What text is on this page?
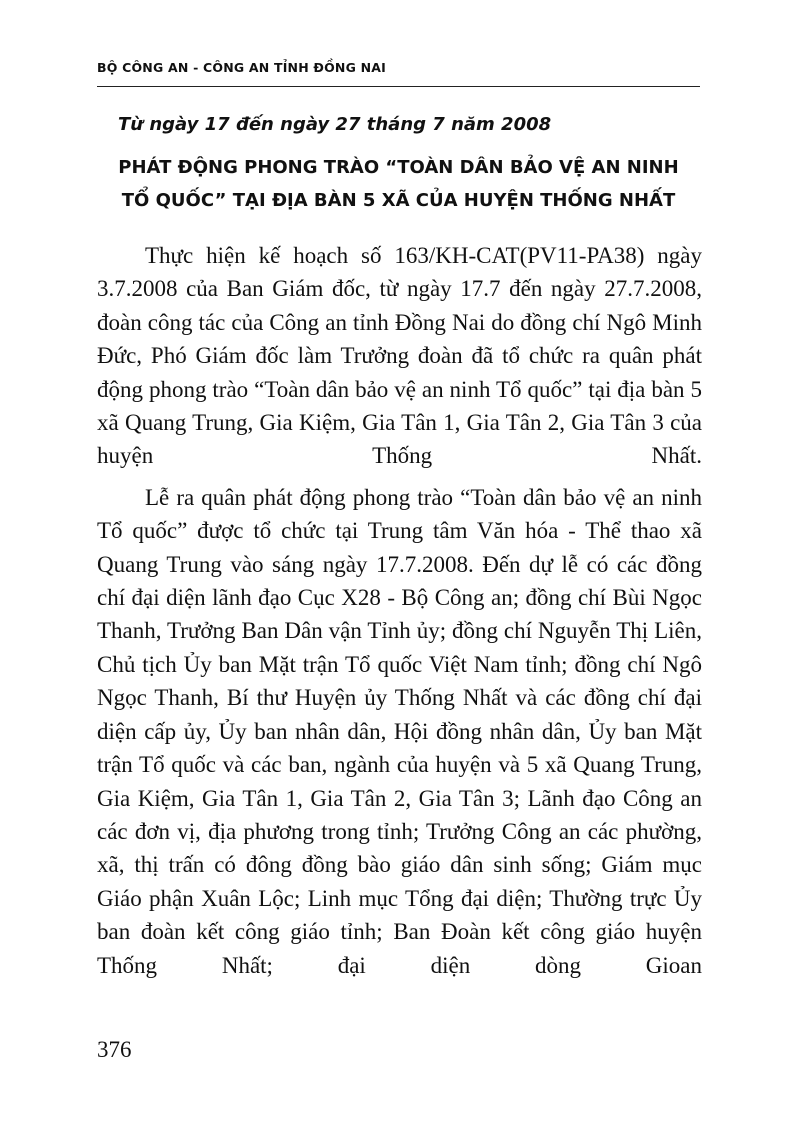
BỘ CÔNG AN - CÔNG AN TỈNH ĐỒNG NAI
Từ ngày 17 đến ngày 27 tháng 7 năm 2008
PHÁT ĐỘNG PHONG TRÀO “TOÀN DÂN BẢO VỆ AN NINH
TỔ QUỐC” TẠI ĐỊA BÀN 5 XÃ CỦA HUYỆN THỐNG NHẤT

Thực hiện kế hoạch số 163/KH-CAT(PV11-PA38) ngày 3.7.2008 của Ban Giám đốc, từ ngày 17.7 đến ngày 27.7.2008, đoàn công tác của Công an tỉnh Đồng Nai do đồng chí Ngô Minh Đức, Phó Giám đốc làm Trưởng đoàn đã tổ chức ra quân phát động phong trào “Toàn dân bảo vệ an ninh Tổ quốc” tại địa bàn 5 xã Quang Trung, Gia Kiệm, Gia Tân 1, Gia Tân 2, Gia Tân 3 của huyện Thống Nhất.

Lễ ra quân phát động phong trào “Toàn dân bảo vệ an ninh Tổ quốc” được tổ chức tại Trung tâm Văn hóa - Thể thao xã Quang Trung vào sáng ngày 17.7.2008. Đến dự lễ có các đồng chí đại diện lãnh đạo Cục X28 - Bộ Công an; đồng chí Bùi Ngọc Thanh, Trưởng Ban Dân vận Tỉnh ủy; đồng chí Nguyễn Thị Liên, Chủ tịch Ủy ban Mặt trận Tổ quốc Việt Nam tỉnh; đồng chí Ngô Ngọc Thanh, Bí thư Huyện ủy Thống Nhất và các đồng chí đại diện cấp ủy, Ủy ban nhân dân, Hội đồng nhân dân, Ủy ban Mặt trận Tổ quốc và các ban, ngành của huyện và 5 xã Quang Trung, Gia Kiệm, Gia Tân 1, Gia Tân 2, Gia Tân 3; Lãnh đạo Công an các đơn vị, địa phương trong tỉnh; Trưởng Công an các phường, xã, thị trấn có đông đồng bào giáo dân sinh sống; Giám mục Giáo phận Xuân Lộc; Linh mục Tổng đại diện; Thường trực Ủy ban đoàn kết công giáo tỉnh; Ban Đoàn kết công giáo huyện Thống Nhất; đại diện dòng Gioan

376
